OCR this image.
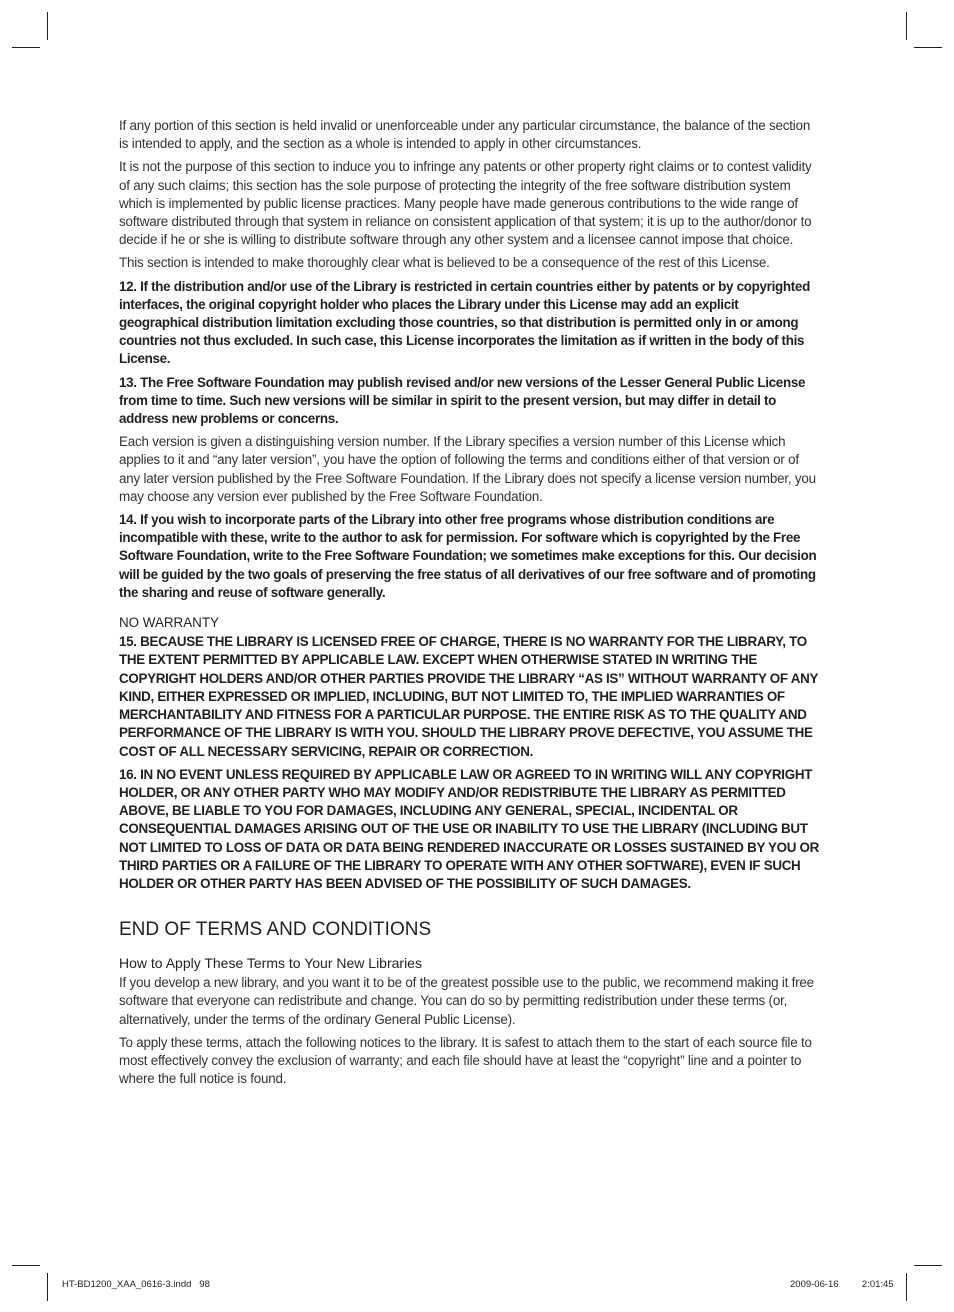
If any portion of this section is held invalid or unenforceable under any particular circumstance, the balance of the section is intended to apply, and the section as a whole is intended to apply in other circumstances.

It is not the purpose of this section to induce you to infringe any patents or other property right claims or to contest validity of any such claims; this section has the sole purpose of protecting the integrity of the free software distribution system which is implemented by public license practices. Many people have made generous contributions to the wide range of software distributed through that system in reliance on consistent application of that system; it is up to the author/donor to decide if he or she is willing to distribute software through any other system and a licensee cannot impose that choice.

This section is intended to make thoroughly clear what is believed to be a consequence of the rest of this License.

12. If the distribution and/or use of the Library is restricted in certain countries either by patents or by copyrighted interfaces, the original copyright holder who places the Library under this License may add an explicit geographical distribution limitation excluding those countries, so that distribution is permitted only in or among countries not thus excluded. In such case, this License incorporates the limitation as if written in the body of this License.

13. The Free Software Foundation may publish revised and/or new versions of the Lesser General Public License from time to time. Such new versions will be similar in spirit to the present version, but may differ in detail to address new problems or concerns.

Each version is given a distinguishing version number. If the Library specifies a version number of this License which applies to it and “any later version”, you have the option of following the terms and conditions either of that version or of any later version published by the Free Software Foundation. If the Library does not specify a license version number, you may choose any version ever published by the Free Software Foundation.

14. If you wish to incorporate parts of the Library into other free programs whose distribution conditions are incompatible with these, write to the author to ask for permission. For software which is copyrighted by the Free Software Foundation, write to the Free Software Foundation; we sometimes make exceptions for this. Our decision will be guided by the two goals of preserving the free status of all derivatives of our free software and of promoting the sharing and reuse of software generally.

NO WARRANTY

15. BECAUSE THE LIBRARY IS LICENSED FREE OF CHARGE, THERE IS NO WARRANTY FOR THE LIBRARY, TO THE EXTENT PERMITTED BY APPLICABLE LAW. EXCEPT WHEN OTHERWISE STATED IN WRITING THE COPYRIGHT HOLDERS AND/OR OTHER PARTIES PROVIDE THE LIBRARY “AS IS” WITHOUT WARRANTY OF ANY KIND, EITHER EXPRESSED OR IMPLIED, INCLUDING, BUT NOT LIMITED TO, THE IMPLIED WARRANTIES OF MERCHANTABILITY AND FITNESS FOR A PARTICULAR PURPOSE. THE ENTIRE RISK AS TO THE QUALITY AND PERFORMANCE OF THE LIBRARY IS WITH YOU. SHOULD THE LIBRARY PROVE DEFECTIVE, YOU ASSUME THE COST OF ALL NECESSARY SERVICING, REPAIR OR CORRECTION.

16. IN NO EVENT UNLESS REQUIRED BY APPLICABLE LAW OR AGREED TO IN WRITING WILL ANY COPYRIGHT HOLDER, OR ANY OTHER PARTY WHO MAY MODIFY AND/OR REDISTRIBUTE THE LIBRARY AS PERMITTED ABOVE, BE LIABLE TO YOU FOR DAMAGES, INCLUDING ANY GENERAL, SPECIAL, INCIDENTAL OR CONSEQUENTIAL DAMAGES ARISING OUT OF THE USE OR INABILITY TO USE THE LIBRARY (INCLUDING BUT NOT LIMITED TO LOSS OF DATA OR DATA BEING RENDERED INACCURATE OR LOSSES SUSTAINED BY YOU OR THIRD PARTIES OR A FAILURE OF THE LIBRARY TO OPERATE WITH ANY OTHER SOFTWARE), EVEN IF SUCH HOLDER OR OTHER PARTY HAS BEEN ADVISED OF THE POSSIBILITY OF SUCH DAMAGES.

END OF TERMS AND CONDITIONS
How to Apply These Terms to Your New Libraries

If you develop a new library, and you want it to be of the greatest possible use to the public, we recommend making it free software that everyone can redistribute and change. You can do so by permitting redistribution under these terms (or, alternatively, under the terms of the ordinary General Public License).

To apply these terms, attach the following notices to the library. It is safest to attach them to the start of each source file to most effectively convey the exclusion of warranty; and each file should have at least the “copyright” line and a pointer to where the full notice is found.

HT-BD1200_XAA_0616-3.indd   98	2009-06-16 2:01:45
